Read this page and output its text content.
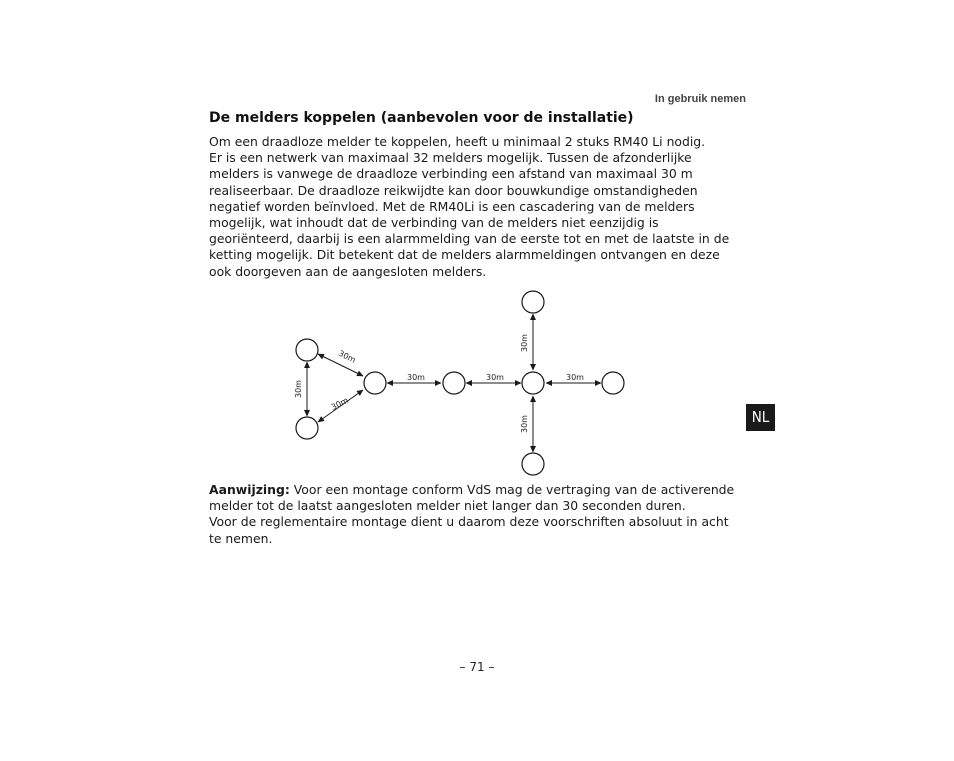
In gebruik nemen
De melders koppelen (aanbevolen voor de installatie)

Om een draadloze melder te koppelen, heeft u minimaal 2 stuks RM40 Li nodig.
Er is een netwerk van maximaal 32 melders mogelijk. Tussen de afzonderlijke
melders is vanwege de draadloze verbinding een afstand van maximaal 30 m
realiseerbaar. De draadloze reikwijdte kan door bouwkundige omstandigheden
negatief worden beïnvloed. Met de RM40Li is een cascadering van de melders
mogelijk, wat inhoudt dat de verbinding van de melders niet eenzijdig is
georiënteerd, daarbij is een alarmmelding van de eerste tot en met de laatste in de
ketting mogelijk. Dit betekent dat de melders alarmmeldingen ontvangen en deze
ook doorgeven aan de aangesloten melders.

30m
30m
30m
30m	30m
30m
30m
30m

Aanwijzing: Voor een montage conform VdS mag de vertraging van de activerende
melder tot de laatst aangesloten melder niet langer dan 30 seconden duren.
Voor de reglementaire montage dient u daarom deze voorschriften absoluut in acht
te nemen.

NL
– 71 –
